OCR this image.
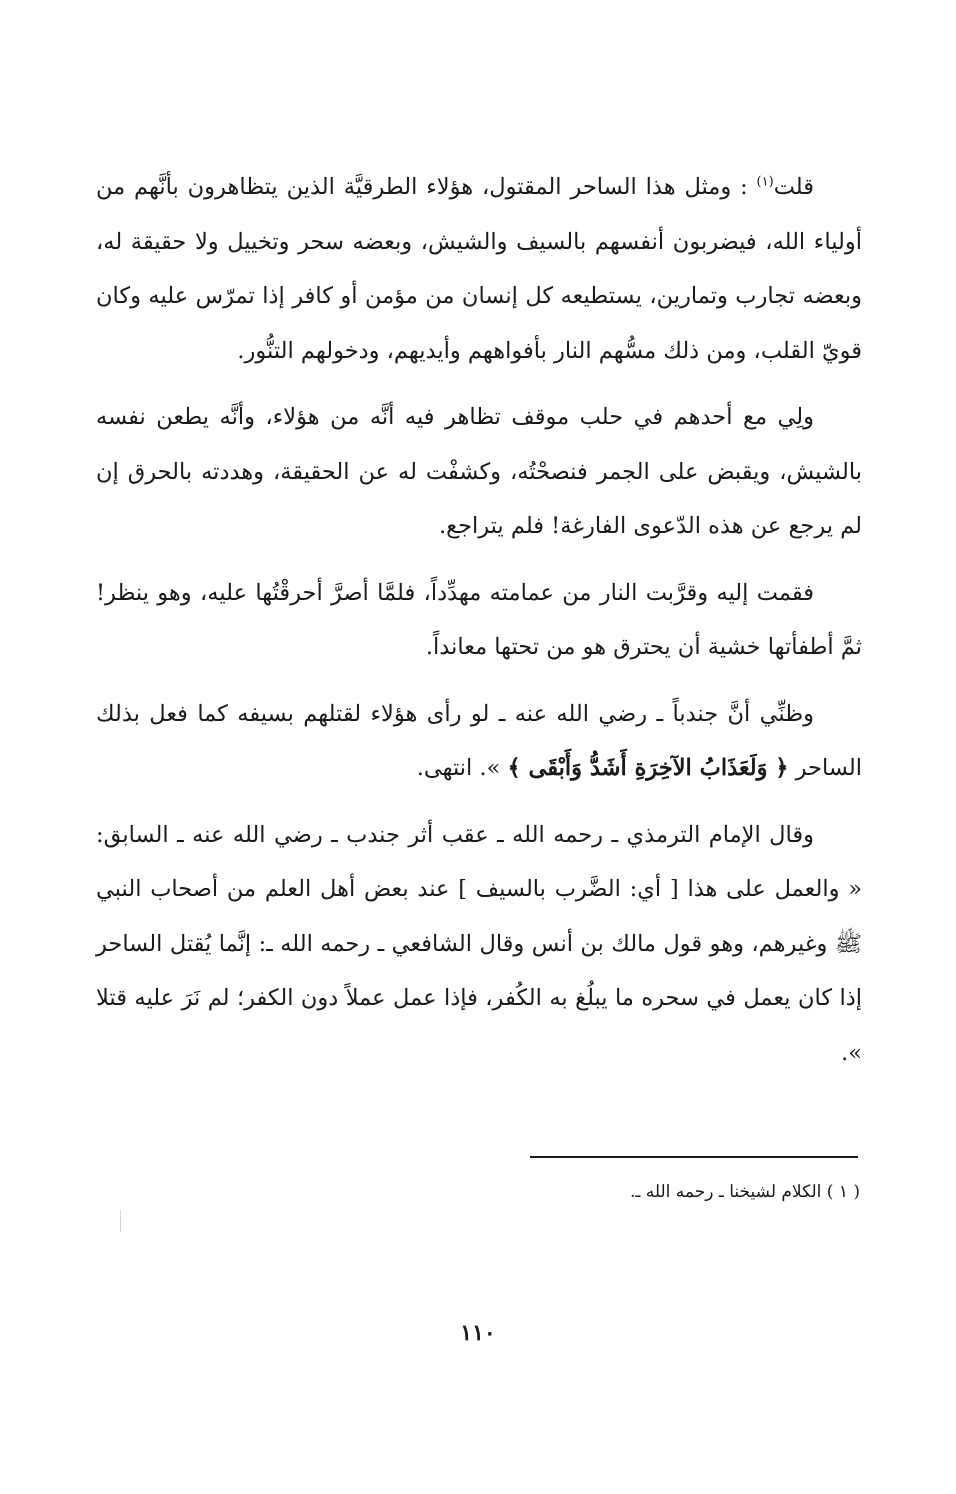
قلت$^{(١)}$ : ومثل هذا الساحر المقتول، هؤلاء الطرقيَّة الذين يتظاهرون بأنَّهم من أولياء الله، فيضربون أنفسهم بالسيف والشيش، وبعضه سحر وتخييل ولا حقيقة له، وبعضه تجارب وتمارين، يستطيعه كل إنسان من مؤمن أو كافر إذا تمرّس عليه وكان قويّ القلب، ومن ذلك مسُّهم النار بأفواههم وأيديهم، ودخولهم التنُّور.

ولِي مع أحدهم في حلب موقف تظاهر فيه أنَّه من هؤلاء، وأنَّه يطعن نفسه بالشيش، ويقبض على الجمر فنصحْتُه، وكشفْت له عن الحقيقة، وهددته بالحرق إن لم يرجع عن هذه الدّعوى الفارغة! فلم يتراجع.

فقمت إليه وقرَّبت النار من عمامته مهدِّداً، فلمَّا أصرَّ أحرقْتُها عليه، وهو ينظر! ثمَّ أطفأتها خشية أن يحترق هو من تحتها معانداً.

وظنِّي أنَّ جندباً ـ رضي الله عنه ـ لو رأى هؤلاء لقتلهم بسيفه كما فعل بذلك الساحر ﴿ وَلَعَذَابُ الآخِرَةِ أَشَدُّ وَأَبْقَى ﴾ ». انتهى.

وقال الإمام الترمذي ـ رحمه الله ـ عقب أثر جندب ـ رضي الله عنه ـ السابق: « والعمل على هذا [ أي: الضَّرب بالسيف ] عند بعض أهل العلم من أصحاب النبي ﷺ وغيرهم، وهو قول مالك بن أنس وقال الشافعي ـ رحمه الله ـ: إنَّما يُقتل الساحر إذا كان يعمل في سحره ما يبلُغ به الكُفر، فإذا عمل عملاً دون الكفر؛ لم نَرَ عليه قتلا ».

( ١ ) الكلام لشيخنا ـ رحمه الله ـ.
١١٠
